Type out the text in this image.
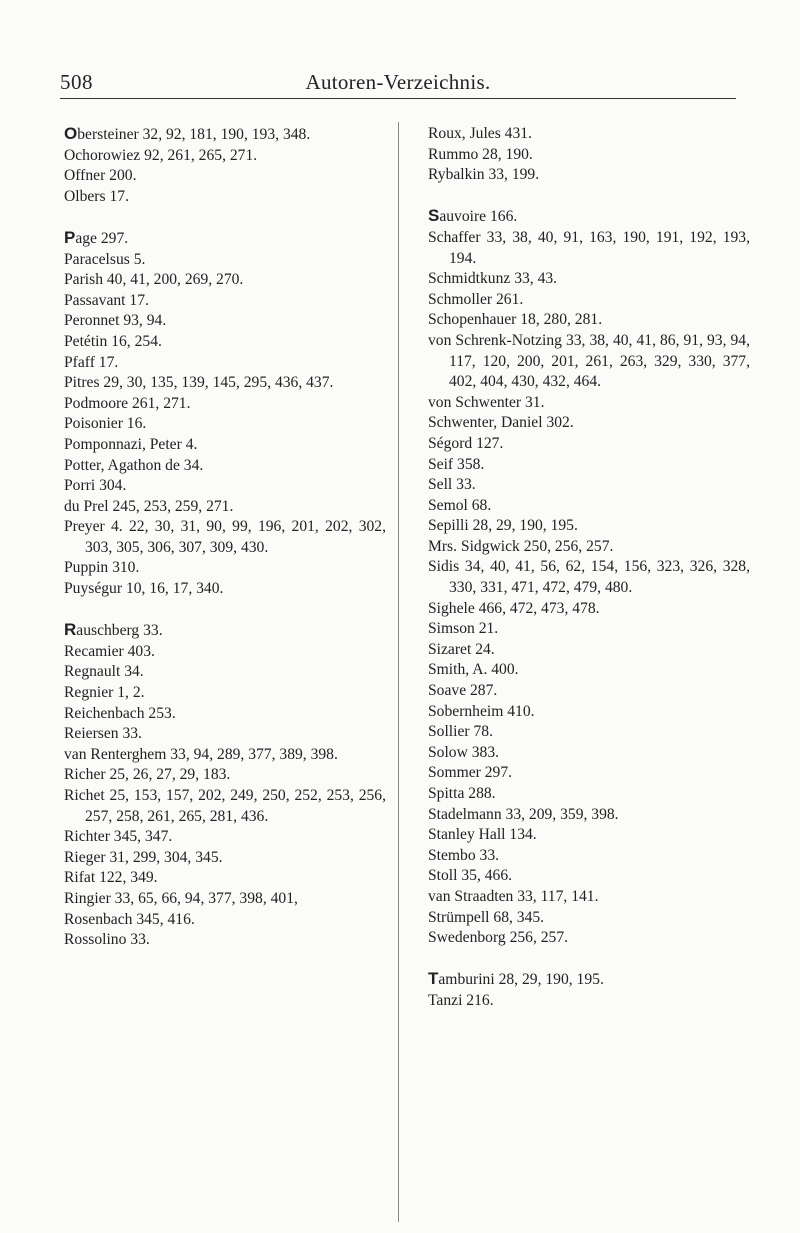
508	Autoren-Verzeichnis.
Obersteiner 32, 92, 181, 190, 193, 348.
Ochorowiez 92, 261, 265, 271.
Offner 200.
Olbers 17.
Page 297.
Paracelsus 5.
Parish 40, 41, 200, 269, 270.
Passavant 17.
Peronnet 93, 94.
Petétin 16, 254.
Pfaff 17.
Pitres 29, 30, 135, 139, 145, 295, 436, 437.
Podmoore 261, 271.
Poisonier 16.
Pomponnazi, Peter 4.
Potter, Agathon de 34.
Porri 304.
du Prel 245, 253, 259, 271.
Preyer 4. 22, 30, 31, 90, 99, 196, 201, 202, 302, 303, 305, 306, 307, 309, 430.
Puppin 310.
Puységur 10, 16, 17, 340.
Rauschberg 33.
Recamier 403.
Regnault 34.
Regnier 1, 2.
Reichenbach 253.
Reiersen 33.
van Renterghem 33, 94, 289, 377, 389, 398.
Richer 25, 26, 27, 29, 183.
Richet 25, 153, 157, 202, 249, 250, 252, 253, 256, 257, 258, 261, 265, 281, 436.
Richter 345, 347.
Rieger 31, 299, 304, 345.
Rifat 122, 349.
Ringier 33, 65, 66, 94, 377, 398, 401,
Rosenbach 345, 416.
Rossolino 33.
Roux, Jules 431.
Rummo 28, 190.
Rybalkin 33, 199.
Sauvoire 166.
Schaffer 33, 38, 40, 91, 163, 190, 191, 192, 193, 194.
Schmidtkunz 33, 43.
Schmoller 261.
Schopenhauer 18, 280, 281.
von Schrenk-Notzing 33, 38, 40, 41, 86, 91, 93, 94, 117, 120, 200, 201, 261, 263, 329, 330, 377, 402, 404, 430, 432, 464.
von Schwenter 31.
Schwenter, Daniel 302.
Ségord 127.
Seif 358.
Sell 33.
Semol 68.
Sepilli 28, 29, 190, 195.
Mrs. Sidgwick 250, 256, 257.
Sidis 34, 40, 41, 56, 62, 154, 156, 323, 326, 328, 330, 331, 471, 472, 479, 480.
Sighele 466, 472, 473, 478.
Simson 21.
Sizaret 24.
Smith, A. 400.
Soave 287.
Sobernheim 410.
Sollier 78.
Solow 383.
Sommer 297.
Spitta 288.
Stadelmann 33, 209, 359, 398.
Stanley Hall 134.
Stembo 33.
Stoll 35, 466.
van Straadten 33, 117, 141.
Strümpell 68, 345.
Swedenborg 256, 257.
Tamburini 28, 29, 190, 195.
Tanzi 216.
